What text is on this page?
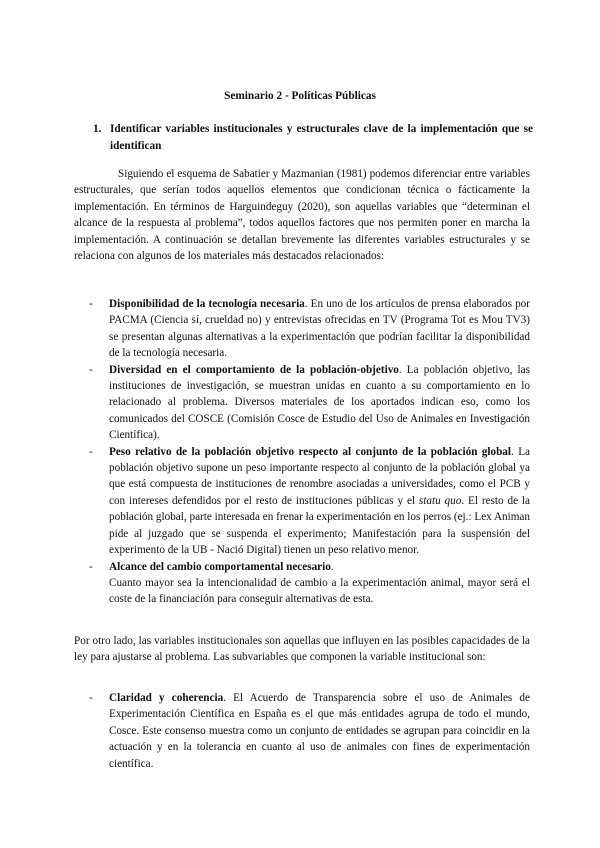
Seminario 2 - Políticas Públicas
1. Identificar variables institucionales y estructurales clave de la implementación que se identifican

Siguiendo el esquema de Sabatier y Mazmanian (1981) podemos diferenciar entre variables estructurales, que serían todos aquellos elementos que condicionan técnica o fácticamente la implementación. En términos de Harguindeguy (2020), son aquellas variables que “determinan el alcance de la respuesta al problema”, todos aquellos factores que nos permiten poner en marcha la implementación. A continuación se detallan brevemente las diferentes variables estructurales y se relaciona con algunos de los materiales más destacados relacionados:

- Disponibilidad de la tecnología necesaria. En uno de los artículos de prensa elaborados por PACMA (Ciencia sí, crueldad no) y entrevistas ofrecidas en TV (Programa Tot es Mou TV3) se presentan algunas alternativas a la experimentación que podrían facilitar la disponibilidad de la tecnología necesaria.
- Diversidad en el comportamiento de la población-objetivo. La población objetivo, las instituciones de investigación, se muestran unidas en cuanto a su comportamiento en lo relacionado al problema. Diversos materiales de los aportados indican eso, como los comunicados del COSCE (Comisión Cosce de Estudio del Uso de Animales en Investigación Científica).
- Peso relativo de la población objetivo respecto al conjunto de la población global. La población objetivo supone un peso importante respecto al conjunto de la población global ya que está compuesta de instituciones de renombre asociadas a universidades, como el PCB y con intereses defendidos por el resto de instituciones públicas y el statu quo. El resto de la población global, parte interesada en frenar la experimentación en los perros (ej.: Lex Animan pide al juzgado que se suspenda el experimento; Manifestación para la suspensión del experimento de la UB - Nació Digital) tienen un peso relativo menor.
- Alcance del cambio comportamental necesario.
Cuanto mayor sea la intencionalidad de cambio a la experimentación animal, mayor será el coste de la financiación para conseguir alternativas de esta.

Por otro lado, las variables institucionales son aquellas que influyen en las posibles capacidades de la ley para ajustarse al problema. Las subvariables que componen la variable institucional son:

- Claridad y coherencia. El Acuerdo de Transparencia sobre el uso de Animales de Experimentación Científica en España es el que más entidades agrupa de todo el mundo, Cosce. Este consenso muestra como un conjunto de entidades se agrupan para coincidir en la actuación y en la tolerancia en cuanto al uso de animales con fines de experimentación científica.
